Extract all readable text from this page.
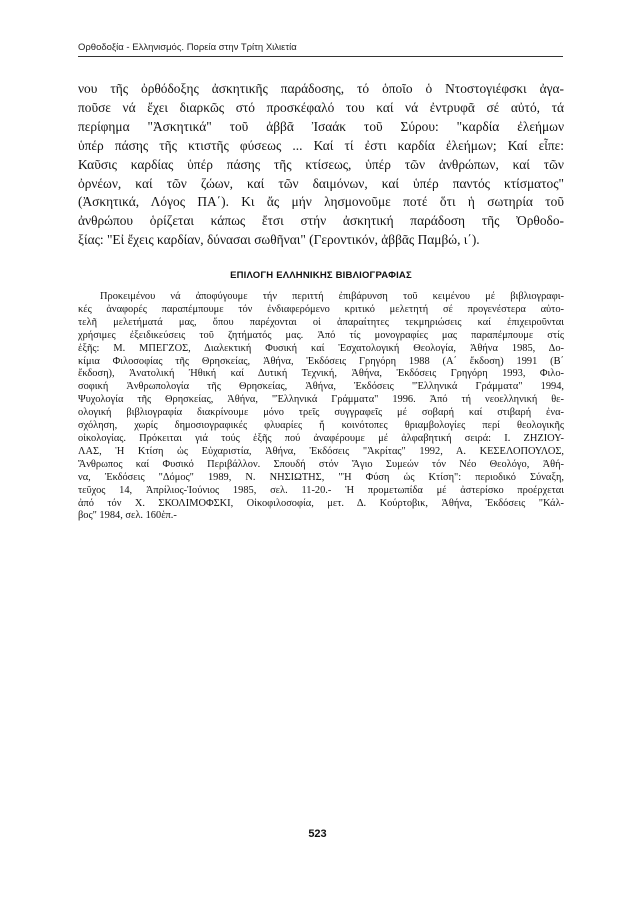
Ορθοδοξία - Ελληνισμός. Πορεία στην Τρίτη Χιλιετία
νου τῆς ὀρθόδοξης ἀσκητικῆς παράδοσης, τό ὁποῖο ὁ Ντοστογιέφσκι ἀγα-
ποῦσε νά ἔχει διαρκῶς στό προσκέφαλό του καί νά ἐντρυφᾶ σέ αὐτό, τά
περίφημα "Ἀσκητικά" τοῦ ἀββᾶ Ἰσαάκ τοῦ Σύρου: "καρδία ἐλεήμων
ὑπέρ πάσης τῆς κτιστῆς φύσεως ... Καί τί ἐστι καρδία ἐλεήμων; Καί εἶπε:
Καῦσις καρδίας ὑπέρ πάσης τῆς κτίσεως, ὑπέρ τῶν ἀνθρώπων, καί τῶν
ὀρνέων, καί τῶν ζώων, καί τῶν δαιμόνων, καί ὑπέρ παντός κτίσματος"
(Ἀσκητικά, Λόγος ΠΑ΄). Κι ἄς μήν λησμονοῦμε ποτέ ὅτι ἡ σωτηρία τοῦ
ἀνθρώπου ὁρίζεται κάπως ἔτσι στήν ἀσκητική παράδοση τῆς Ὀρθοδο-
ξίας: "Εἰ ἔχεις καρδίαν, δύνασαι σωθῆναι" (Γεροντικόν, ἀββᾶς Παμβώ, ι΄).
ΕΠΙΛΟΓΗ ΕΛΛΗΝΙΚΗΣ ΒΙΒΛΙΟΓΡΑΦΙΑΣ
Προκειμένου νά ἀποφύγουμε τήν περιττή ἐπιβάρυνση τοῦ κειμένου μέ βιβλιογραφι-
κές ἀναφορές παραπέμπουμε τόν ἐνδιαφερόμενο κριτικό μελετητή σέ προγενέστερα αὐτο-
τελῆ μελετήματά μας, ὅπου παρέχονται οἱ ἀπαραίτητες τεκμηριώσεις καί ἐπιχειροῦνται
χρήσιμες ἐξειδικεύσεις τοῦ ζητήματός μας. Ἀπό τίς μονογραφίες μας παραπέμπουμε στίς
ἑξῆς: Μ. ΜΠΕΓΖΟΣ, Διαλεκτική Φυσική καί Ἐσχατολογική Θεολογία, Ἀθήνα 1985, Δο-
κίμια Φιλοσοφίας τῆς Θρησκείας, Ἀθήνα, Ἐκδόσεις Γρηγόρη 1988 (Α΄ ἔκδοση) 1991 (Β΄
ἔκδοση), Ἀνατολική Ἠθική καί Δυτική Τεχνική, Ἀθήνα, Ἐκδόσεις Γρηγόρη 1993, Φιλο-
σοφική Ἀνθρωπολογία τῆς Θρησκείας, Ἀθήνα, Ἐκδόσεις "Ἑλληνικά Γράμματα" 1994,
Ψυχολογία τῆς Θρησκείας, Ἀθήνα, "Ἑλληνικά Γράμματα" 1996. Ἀπό τή νεοελληνική θε-
ολογική βιβλιογραφία διακρίνουμε μόνο τρεῖς συγγραφεῖς μέ σοβαρή καί στιβαρή ἐνα-
σχόληση, χωρίς δημοσιογραφικές φλυαρίες ἤ κοινότοπες θριαμβολογίες περί θεολογικῆς
οἰκολογίας. Πρόκειται γιά τούς ἑξῆς πού ἀναφέρουμε μέ ἀλφαβητική σειρά: Ι. ΖΗΖΙΟΥ-
ΛΑΣ, Ἡ Κτίση ὡς Εὐχαριστία, Ἀθήνα, Ἐκδόσεις "Ἀκρίτας" 1992, Α. ΚΕΣΕΛΟΠΟΥΛΟΣ,
Ἄνθρωπος καί Φυσικό Περιβάλλον. Σπουδή στόν Ἅγιο Συμεών τόν Νέο Θεολόγο, Ἀθή-
να, Ἐκδόσεις "Δόμος" 1989, Ν. ΝΗΣΙΩΤΗΣ, "Ἡ Φύση ὡς Κτίση": περιοδικό Σύναξη,
τεῦχος 14, Ἀπρίλιος-Ἰούνιος 1985, σελ. 11-20.- Ἡ προμετωπίδα μέ ἀστερίσκο προέρχεται
ἀπό τόν Χ. ΣΚΟΛΙΜΟΦΣΚΙ, Οἰκοφιλοσοφία, μετ. Δ. Κούρτοβικ, Ἀθήνα, Ἐκδόσεις "Κάλ-
βος" 1984, σελ. 160ἑπ.-
523
